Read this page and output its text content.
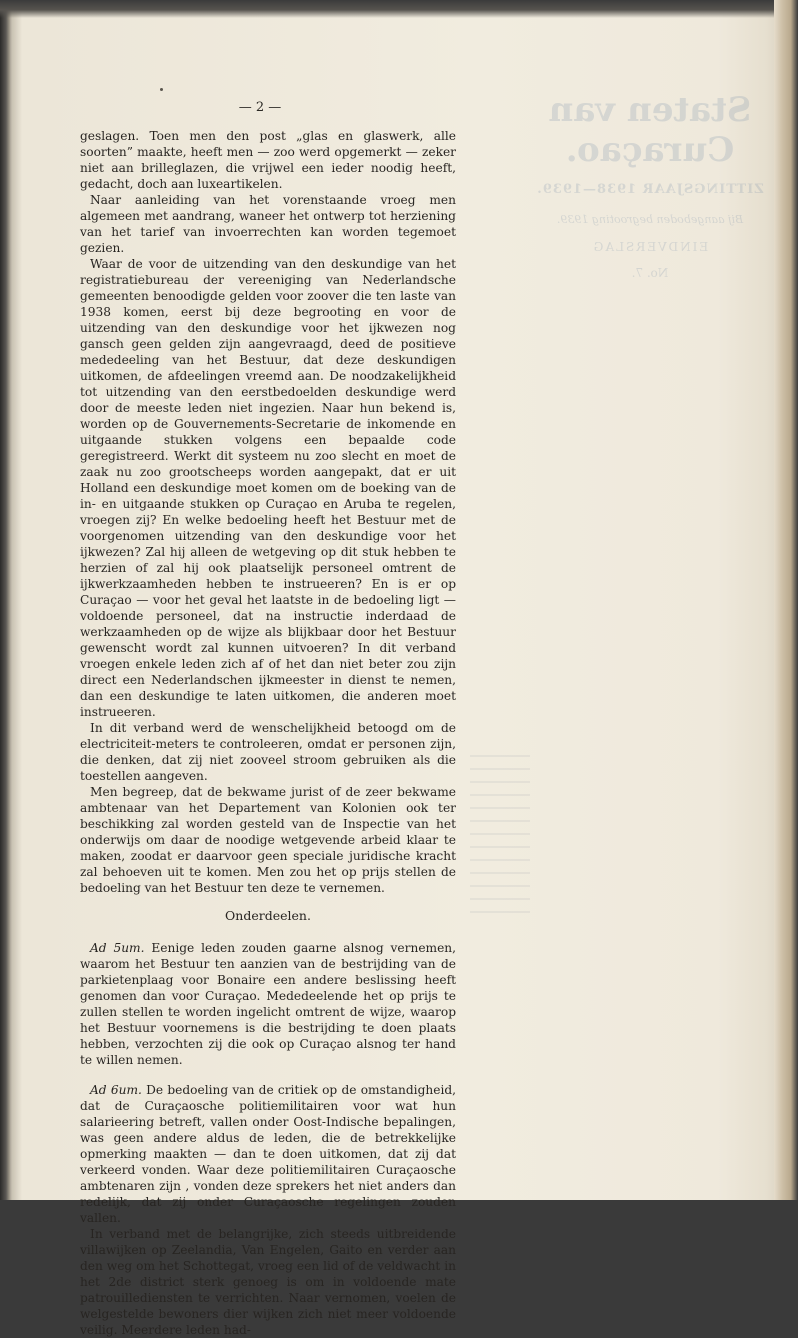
Staten van Curaçao.
ZITTINGSJAAR 1938—1939.
Bij aangeboden begrooting 1939.
EINDVERSLAG
No. 7.
— 2 —

geslagen. Toen men den post „glas en glaswerk, alle soorten” maakte, heeft men — zoo werd opgemerkt — zeker niet aan brilleglazen, die vrijwel een ieder noodig heeft, gedacht, doch aan luxeartikelen.

Naar aanleiding van het vorenstaande vroeg men algemeen met aandrang, waneer het ontwerp tot herziening van het tarief van invoerrechten kan worden tegemoet gezien.

Waar de voor de uitzending van den deskundige van het registratiebureau der vereeniging van Nederlandsche gemeenten benoodigde gelden voor zoover die ten laste van 1938 komen, eerst bij deze begrooting en voor de uitzending van den deskundige voor het ijkwezen nog gansch geen gelden zijn aangevraagd, deed de positieve mededeeling van het Bestuur, dat deze deskundigen uitkomen, de afdeelingen vreemd aan. De noodzakelijkheid tot uitzending van den eerstbedoelden deskundige werd door de meeste leden niet ingezien. Naar hun bekend is, worden op de Gouvernements-Secretarie de inkomende en uitgaande stukken volgens een bepaalde code geregistreerd. Werkt dit systeem nu zoo slecht en moet de zaak nu zoo grootscheeps worden aangepakt, dat er uit Holland een deskundige moet komen om de boeking van de in- en uitgaande stukken op Curaçao en Aruba te regelen, vroegen zij? En welke bedoeling heeft het Bestuur met de voorgenomen uitzending van den deskundige voor het ijkwezen? Zal hij alleen de wetgeving op dit stuk hebben te herzien of zal hij ook plaatselijk personeel omtrent de ijkwerkzaamheden hebben te instrueeren? En is er op Curaçao — voor het geval het laatste in de bedoeling ligt — voldoende personeel, dat na instructie inderdaad de werkzaamheden op de wijze als blijkbaar door het Bestuur gewenscht wordt zal kunnen uitvoeren? In dit verband vroegen enkele leden zich af of het dan niet beter zou zijn direct een Nederlandschen ijkmeester in dienst te nemen, dan een deskundige te laten uitkomen, die anderen moet instrueeren.

In dit verband werd de wenschelijkheid betoogd om de electriciteit-meters te controleeren, omdat er personen zijn, die denken, dat zij niet zooveel stroom gebruiken als die toestellen aangeven.

Men begreep, dat de bekwame jurist of de zeer bekwame ambtenaar van het Departement van Kolonien ook ter beschikking zal worden gesteld van de Inspectie van het onderwijs om daar de noodige wetgevende arbeid klaar te maken, zoodat er daarvoor geen speciale juridische kracht zal behoeven uit te komen. Men zou het op prijs stellen de bedoeling van het Bestuur ten deze te vernemen.

Onderdeelen.

Ad 5um. Eenige leden zouden gaarne alsnog vernemen, waarom het Bestuur ten aanzien van de bestrijding van de parkietenplaag voor Bonaire een andere beslissing heeft genomen dan voor Curaçao. Mededeelende het op prijs te zullen stellen te worden ingelicht omtrent de wijze, waarop het Bestuur voornemens is die bestrijding te doen plaats hebben, verzochten zij die ook op Curaçao alsnog ter hand te willen nemen.

Ad 6um. De bedoeling van de critiek op de omstandigheid, dat de Curaçaosche politiemilitairen voor wat hun salarieering betreft, vallen onder Oost-Indische bepalingen, was geen andere aldus de leden, die de betrekkelijke opmerking maakten — dan te doen uitkomen, dat zij dat verkeerd vonden. Waar deze politiemilitairen Curaçaosche ambtenaren zijn , vonden deze sprekers het niet anders dan redelijk, dat zij onder Curaçaosche regelingen zouden vallen.

In verband met de belangrijke, zich steeds uitbreidende villawijken op Zeelandia, Van Engelen, Gaito en verder aan den weg om het Schottegat, vroeg een lid of de veldwacht in het 2de district sterk genoeg is om in voldoende mate patrouillediensten te verrichten. Naar vernomen, voelen de welgestelde bewoners dier wijken zich niet meer voldoende veilig. Meerdere leden had-
